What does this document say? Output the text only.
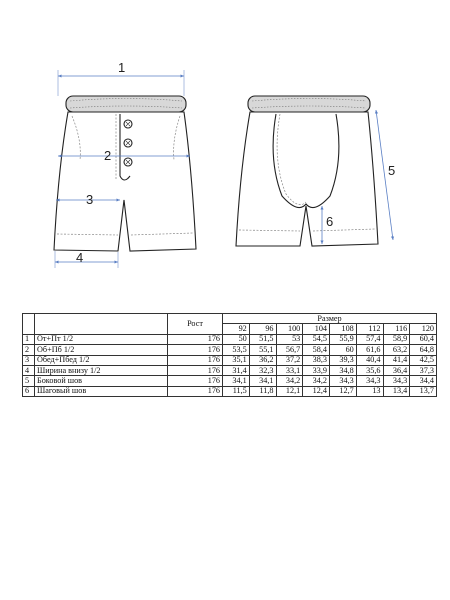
1
2
3
4
5
6
		Рост	Размер							
			92	96	100	104	108	112	116	120
1	От+Пт 1/2	176	50	51,5	53	54,5	55,9	57,4	58,9	60,4
2	Об+Пб 1/2	176	53,5	55,1	56,7	58,4	60	61,6	63,2	64,8
3	Обед+Пбед 1/2	176	35,1	36,2	37,2	38,3	39,3	40,4	41,4	42,5
4	Ширина внизу 1/2	176	31,4	32,3	33,1	33,9	34,8	35,6	36,4	37,3
5	Боковой шов	176	34,1	34,1	34,2	34,2	34,3	34,3	34,3	34,4
6	Шаговый шов	176	11,5	11,8	12,1	12,4	12,7	13	13,4	13,7
